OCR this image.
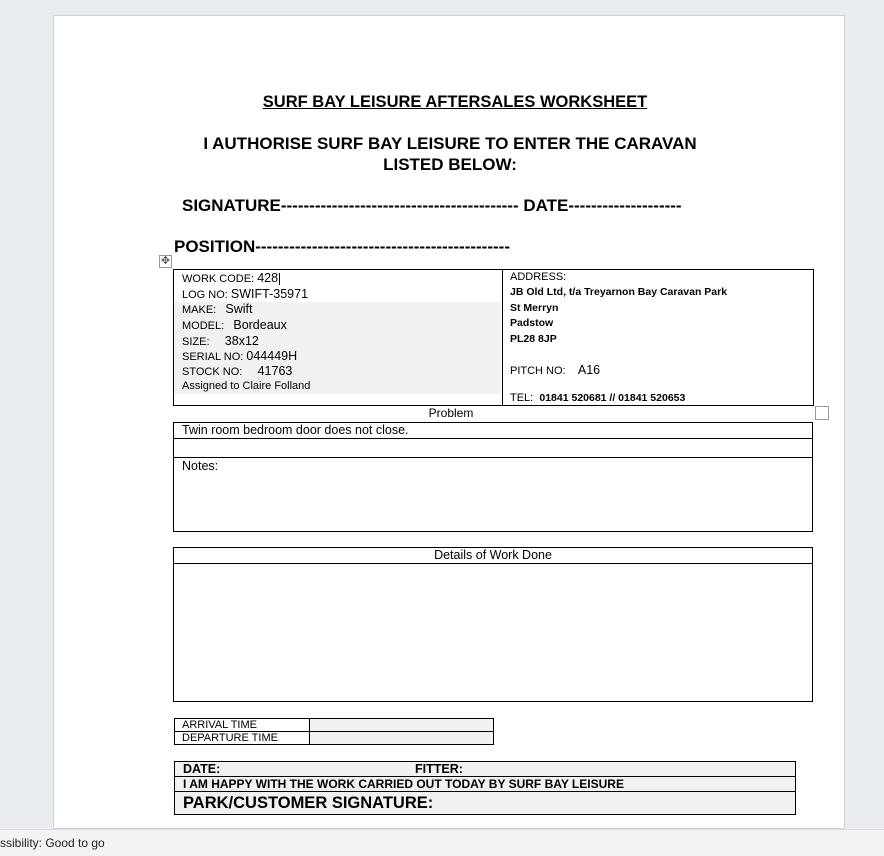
SURF BAY LEISURE AFTERSALES WORKSHEET
I AUTHORISE SURF BAY LEISURE TO ENTER THE CARAVAN
LISTED BELOW:
SIGNATURE------------------------------------------ DATE--------------------
POSITION---------------------------------------------
✥
WORK CODE: 428
LOG NO: SWIFT-35971
MAKE: Swift
MODEL: Bordeaux
SIZE: 38x12
SERIAL NO: 044449H
STOCK NO: 41763
Assigned to Claire Folland
ADDRESS:
JB Old Ltd, t/a Treyarnon Bay Caravan Park
St Merryn
Padstow
PL28 8JP
PITCH NO: A16
TEL: 01841 520681 // 01841 520653
Problem
Twin room bedroom door does not close.
Notes:
Details of Work Done
ARRIVAL TIME	
DEPARTURE TIME	
DATE:	FITTER:
I AM HAPPY WITH THE WORK CARRIED OUT TODAY BY SURF BAY LEISURE
PARK/CUSTOMER SIGNATURE:
ssibility: Good to go
